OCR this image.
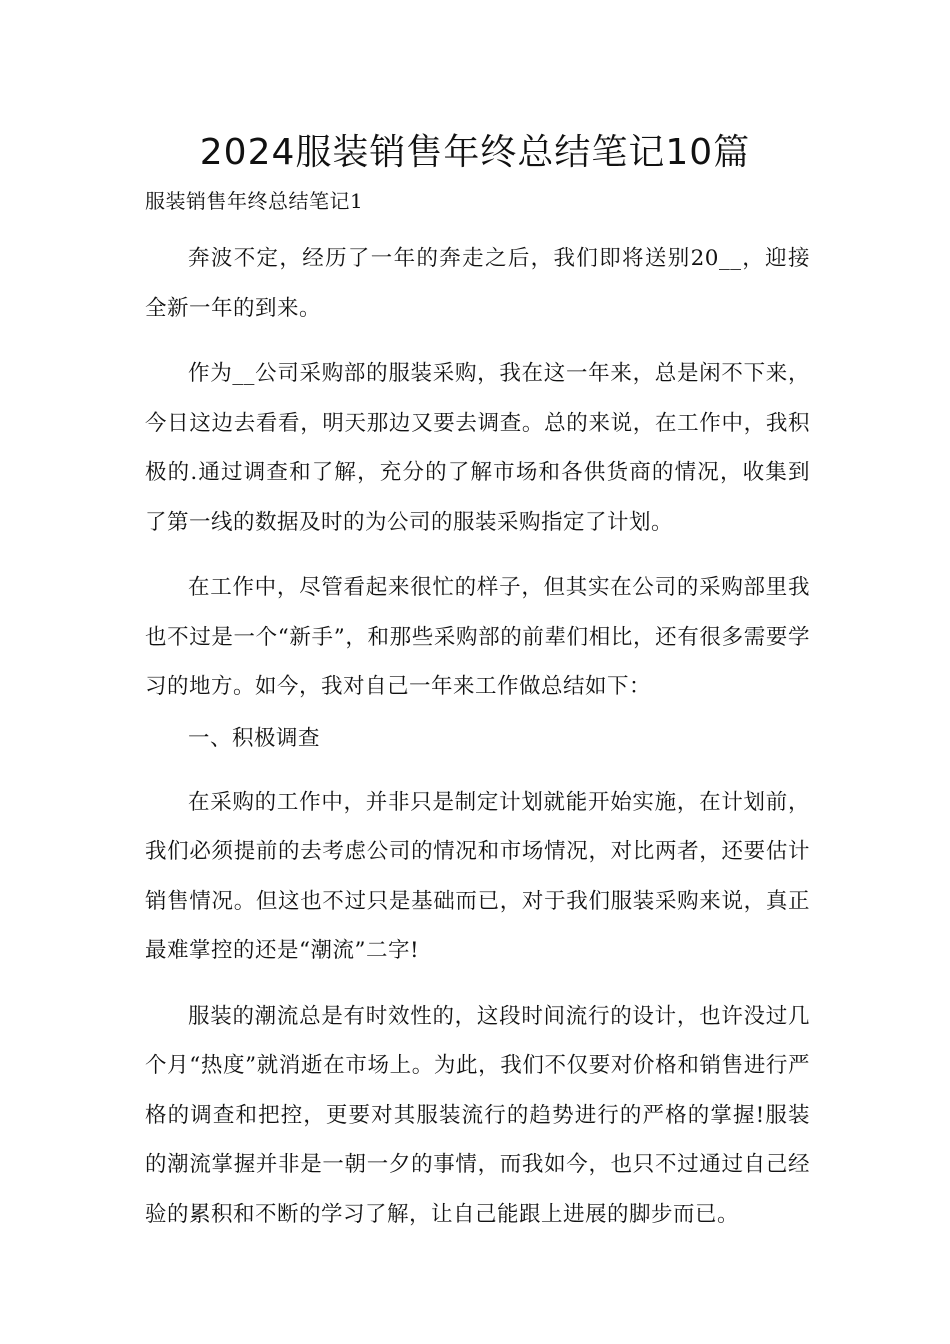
2024服装销售年终总结笔记10篇

服装销售年终总结笔记1

奔波不定，经历了一年的奔走之后，我们即将送别20__，迎接全新一年的到来。

作为__公司采购部的服装采购，我在这一年来，总是闲不下来，今日这边去看看，明天那边又要去调查。总的来说，在工作中，我积极的.通过调查和了解，充分的了解市场和各供货商的情况，收集到了第一线的数据及时的为公司的服装采购指定了计划。

在工作中，尽管看起来很忙的样子，但其实在公司的采购部里我也不过是一个“新手”，和那些采购部的前辈们相比，还有很多需要学习的地方。如今，我对自己一年来工作做总结如下：

一、积极调查

在采购的工作中，并非只是制定计划就能开始实施，在计划前，我们必须提前的去考虑公司的情况和市场情况，对比两者，还要估计销售情况。但这也不过只是基础而已，对于我们服装采购来说，真正最难掌控的还是“潮流”二字!

服装的潮流总是有时效性的，这段时间流行的设计，也许没过几个月“热度”就消逝在市场上。为此，我们不仅要对价格和销售进行严格的调查和把控，更要对其服装流行的趋势进行的严格的掌握!服装的潮流掌握并非是一朝一夕的事情，而我如今，也只不过通过自己经验的累积和不断的学习了解，让自己能跟上进展的脚步而已。
